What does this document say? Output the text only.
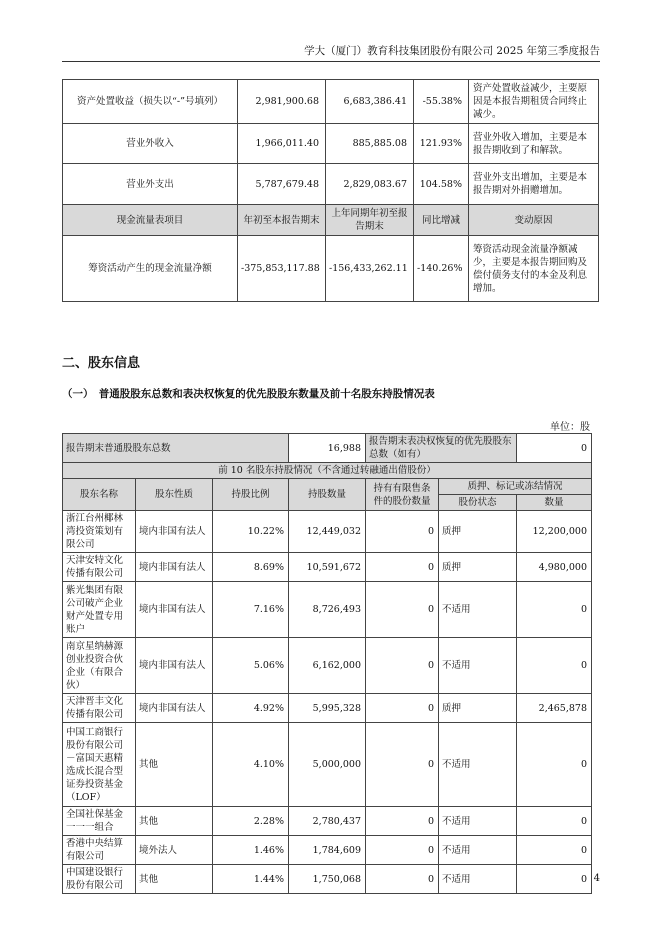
学大（厦门）教育科技集团股份有限公司 2025 年第三季度报告
资产处置收益（损失以“-”号填列）	2,981,900.68	6,683,386.41	-55.38%	资产处置收益减少，主要原因是本报告期租赁合同终止减少。
营业外收入	1,966,011.40	885,885.08	121.93%	营业外收入增加，主要是本报告期收到了和解款。
营业外支出	5,787,679.48	2,829,083.67	104.58%	营业外支出增加，主要是本报告期对外捐赠增加。
现金流量表项目	年初至本报告期末	上年同期年初至报告期末	同比增减	变动原因
筹资活动产生的现金流量净额	-375,853,117.88	-156,433,262.11	-140.26%	筹资活动现金流量净额减少，主要是本报告期回购及偿付债务支付的本金及利息增加。
二、股东信息
（一）　普通股股东总数和表决权恢复的优先股股东数量及前十名股东持股情况表
单位：股
报告期末普通股股东总数			16,988	报告期末表决权恢复的优先股股东总数（如有）		0
前 10 名股东持股情况（不含通过转融通出借股份）						
股东名称	股东性质	持股比例	持股数量	持有有限售条件的股份数量	质押、标记或冻结情况	
					股份状态	数量
浙江台州椰林湾投资策划有限公司	境内非国有法人	10.22%	12,449,032	0	质押	12,200,000
天津安特文化传播有限公司	境内非国有法人	8.69%	10,591,672	0	质押	4,980,000
紫光集团有限公司破产企业财产处置专用账户	境内非国有法人	7.16%	8,726,493	0	不适用	0
南京星纳赫源创业投资合伙企业（有限合伙）	境内非国有法人	5.06%	6,162,000	0	不适用	0
天津晋丰文化传播有限公司	境内非国有法人	4.92%	5,995,328	0	质押	2,465,878
中国工商银行股份有限公司－富国天惠精选成长混合型证券投资基金（LOF）	其他	4.10%	5,000,000	0	不适用	0
全国社保基金一一一组合	其他	2.28%	2,780,437	0	不适用	0
香港中央结算有限公司	境外法人	1.46%	1,784,609	0	不适用	0
中国建设银行股份有限公司	其他	1.44%	1,750,068	0	不适用	0 4
